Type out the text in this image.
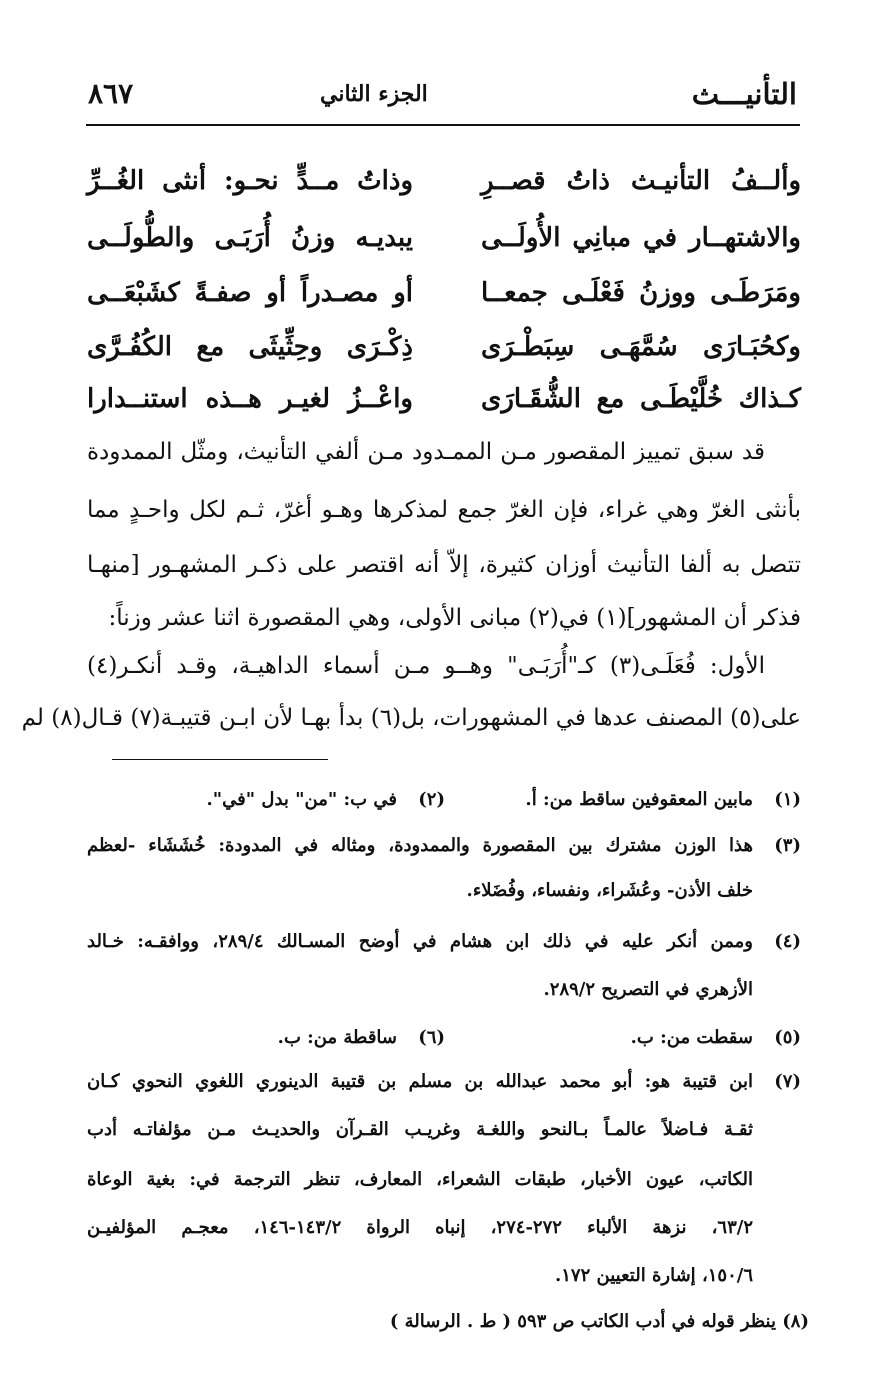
التأنيـــث
الجزء الثاني
٨٦٧
وألــفُ التأنيـث ذاتُ قصــرِ
وذاتُ مــدٍّ نحـو: أنثى الغُــرِّ
والاشتهــار في مبانِي الأُولَــى
يبديـه وزنُ أُرَبَـى والطُّولَــى
ومَرَطَـى ووزنُ فَعْلَـى جمعــا
أو مصـدراً أو صفـةً كشَبْعَــى
وكحُبَـارَى سُمَّهَـى سِبَطْـرَى
ذِكْـرَى وحِثِّيثَى مع الكُفُـرَّى
كـذاك خُلَّيْطَـى مع الشُّقَـارَى
واعْــزُ لغيـر هــذه استنــدارا
قد سبق تمييز المقصور مـن الممـدود مـن ألفي التأنيث، ومثّل الممدودة
بأنثى الغرّ وهي غراء، فإن الغرّ جمع لمذكرها وهـو أغرّ، ثـم لكل واحـدٍ مما
تتصل به ألفا التأنيث أوزان كثيرة، إلاّ أنه اقتصر على ذكـر المشهـور [منهـا
فذكر أن المشهور](١) في(٢) مبانى الأولى، وهي المقصورة اثنا عشر وزناً:
الأول: فُعَلَـى(٣) كـ"أُرَبَـى" وهــو مـن أسماء الداهيـة، وقـد أنكـر(٤)
على(٥) المصنف عدها في المشهورات، بل(٦) بدأ بهـا لأن ابـن قتيبـة(٧) قـال(٨) لم
(١)
مابين المعقوفين ساقط من: أ.
(٢)
في ب: "من" بدل "في".
(٣)
هذا الوزن مشترك بين المقصورة والممدودة، ومثاله في المدودة: خُشَشَاء -لعظم
خلف الأذن- وعُشَراء، ونفساء، وفُضَلاء.
(٤)
وممن أنكر عليه في ذلك ابن هشام في أوضح المسـالك ٢٨٩/٤، ووافقـه: خـالد
الأزهري في التصريح ٢٨٩/٢.
(٥)
سقطت من: ب.
(٦)
ساقطة من: ب.
(٧)
ابن قتيبة هو: أبو محمد عبدالله بن مسلم بن قتيبة الدينوري اللغوي النحوي كـان
ثقـة فـاضلاً عالمـاً بـالنحو واللغـة وغريـب القـرآن والحديـث مـن مؤلفاتـه أدب
الكاتب، عيون الأخبار، طبقات الشعراء، المعارف، تنظر الترجمة في: بغية الوعاة
٦٣/٢، نزهة الألباء ٢٧٢-٢٧٤، إنباه الرواة ١٤٣/٢-١٤٦، معجـم المؤلفيـن
١٥٠/٦، إشارة التعيين ١٧٢.
(٨) ينظر قوله في أدب الكاتب ص ٥٩٣ ( ط . الرسالة )
